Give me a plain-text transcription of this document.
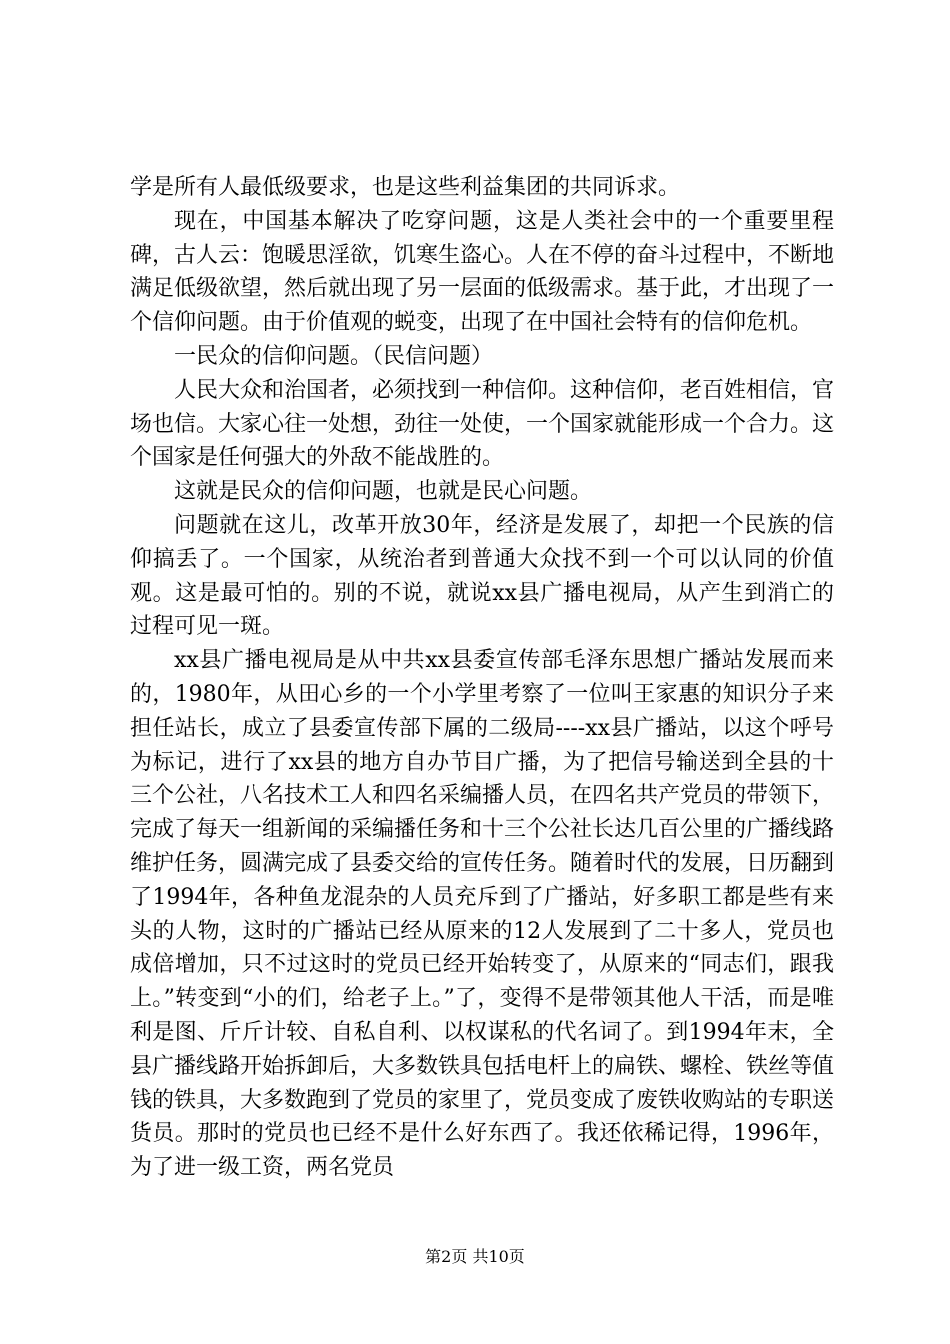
学是所有人最低级要求，也是这些利益集团的共同诉求。

现在，中国基本解决了吃穿问题，这是人类社会中的一个重要里程碑，古人云：饱暖思淫欲，饥寒生盗心。人在不停的奋斗过程中，不断地满足低级欲望，然后就出现了另一层面的低级需求。基于此，才出现了一个信仰问题。由于价值观的蜕变，出现了在中国社会特有的信仰危机。

一民众的信仰问题。（民信问题）

人民大众和治国者，必须找到一种信仰。这种信仰，老百姓相信，官场也信。大家心往一处想，劲往一处使，一个国家就能形成一个合力。这个国家是任何强大的外敌不能战胜的。

这就是民众的信仰问题，也就是民心问题。

问题就在这儿，改革开放30年，经济是发展了，却把一个民族的信仰搞丢了。一个国家，从统治者到普通大众找不到一个可以认同的价值观。这是最可怕的。别的不说，就说xx县广播电视局，从产生到消亡的过程可见一斑。

xx县广播电视局是从中共xx县委宣传部毛泽东思想广播站发展而来的，1980年，从田心乡的一个小学里考察了一位叫王家惠的知识分子来担任站长，成立了县委宣传部下属的二级局----xx县广播站，以这个呼号为标记，进行了xx县的地方自办节目广播，为了把信号输送到全县的十三个公社，八名技术工人和四名采编播人员，在四名共产党员的带领下，完成了每天一组新闻的采编播任务和十三个公社长达几百公里的广播线路维护任务，圆满完成了县委交给的宣传任务。随着时代的发展，日历翻到了1994年，各种鱼龙混杂的人员充斥到了广播站，好多职工都是些有来头的人物，这时的广播站已经从原来的12人发展到了二十多人，党员也成倍增加，只不过这时的党员已经开始转变了，从原来的“同志们，跟我上。”转变到“小的们，给老子上。”了，变得不是带领其他人干活，而是唯利是图、斤斤计较、自私自利、以权谋私的代名词了。到1994年末，全县广播线路开始拆卸后，大多数铁具包括电杆上的扁铁、螺栓、铁丝等值钱的铁具，大多数跑到了党员的家里了，党员变成了废铁收购站的专职送货员。那时的党员也已经不是什么好东西了。我还依稀记得，1996年，为了进一级工资，两名党员

第2页 共10页
